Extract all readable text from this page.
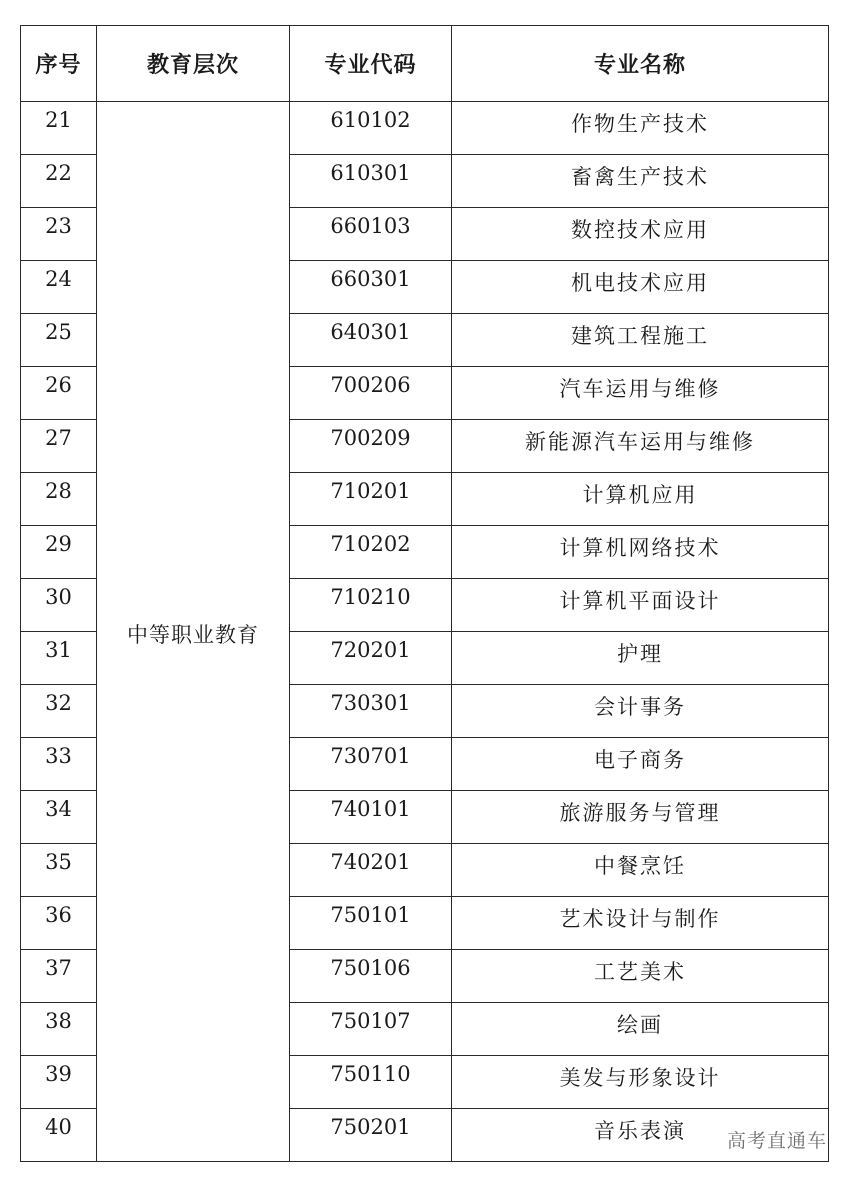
序号	教育层次	专业代码	专业名称
21	中等职业教育	610102	作物生产技术
22		610301	畜禽生产技术
23		660103	数控技术应用
24		660301	机电技术应用
25		640301	建筑工程施工
26		700206	汽车运用与维修
27		700209	新能源汽车运用与维修
28		710201	计算机应用
29		710202	计算机网络技术
30		710210	计算机平面设计
31		720201	护理
32		730301	会计事务
33		730701	电子商务
34		740101	旅游服务与管理
35		740201	中餐烹饪
36		750101	艺术设计与制作
37		750106	工艺美术
38		750107	绘画
39		750110	美发与形象设计
40		750201	音乐表演 高考直通车
